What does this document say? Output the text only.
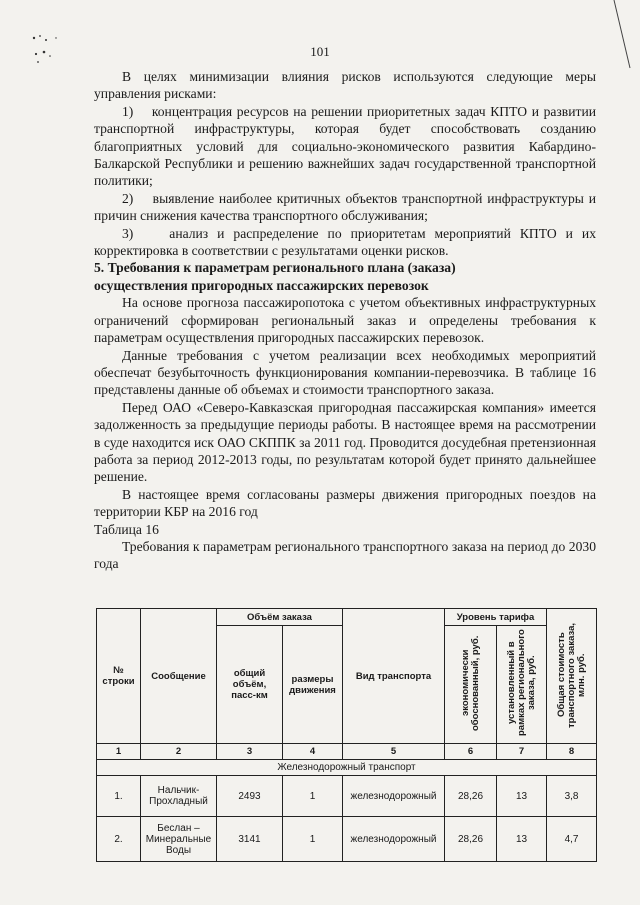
101

В целях минимизации влияния рисков используются следующие меры управления рисками:

1)    концентрация ресурсов на решении приоритетных задач КПТО и развитии транспортной инфраструктуры, которая будет способствовать созданию благоприятных условий для социально-экономического развития Кабардино-Балкарской Республики и решению важнейших задач государственной транспортной политики;

2)    выявление наиболее критичных объектов транспортной инфраструктуры и причин снижения качества транспортного обслуживания;

3)    анализ и распределение по приоритетам мероприятий КПТО и их корректировка в соответствии с результатами оценки рисков.

5. Требования к параметрам регионального плана (заказа)

осуществления пригородных пассажирских перевозок

На основе прогноза пассажиропотока с учетом объективных инфраструктурных ограничений сформирован региональный заказ и определены требования к параметрам осуществления пригородных пассажирских перевозок.

Данные требования с учетом реализации всех необходимых мероприятий обеспечат безубыточность функционирования компании-перевозчика. В таблице 16 представлены данные об объемах и стоимости транспортного заказа.

Перед ОАО «Северо-Кавказская пригородная пассажирская компания» имеется задолженность за предыдущие периоды работы. В настоящее время на рассмотрении в суде находится иск ОАО СКППК за 2011 год. Проводится досудебная претензионная работа за период 2012-2013 годы, по результатам которой будет принято дальнейшее решение.

В настоящее время согласованы размеры движения пригородных поездов на территории КБР на 2016 год

Таблица 16

Требования к параметрам регионального транспортного заказа на период до 2030 года

№ строки	Сообщение	Объём заказа		Вид транспорта	Уровень тарифа		Общая стоимость транспортного заказа, млн. руб.
		общий объём, пасс-км	размеры движения		экономически обоснованный, руб.	установленный в рамках регионального заказа, руб.	
1	2	3	4	5	6	7	8
Железнодорожный транспорт							
1.	Нальчик-Прохладный	2493	1	железнодорожный	28,26	13	3,8
2.	Беслан – Минеральные Воды	3141	1	железнодорожный	28,26	13	4,7
